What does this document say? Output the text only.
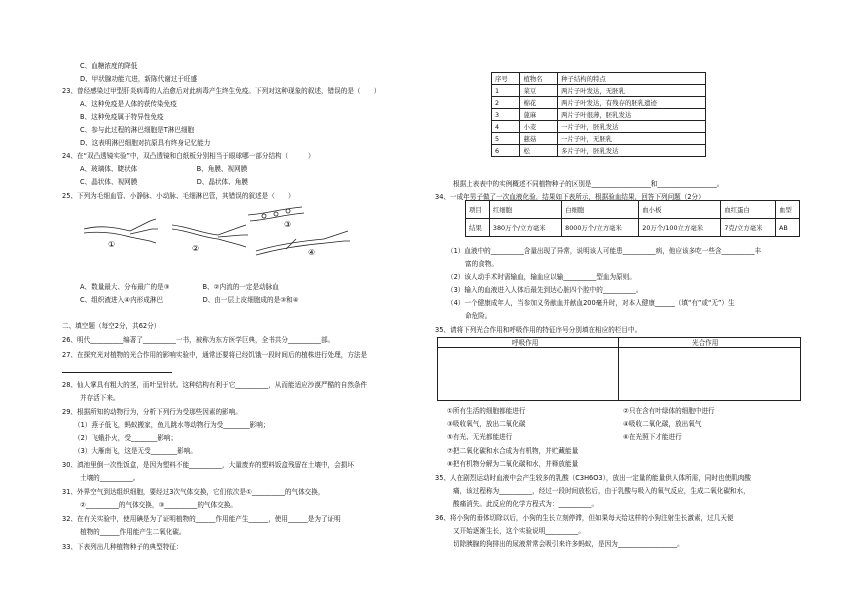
C、血糖浓度的降低
D、甲状腺功能亢进，新陈代谢过于旺盛
23、曾经感染过甲型肝炎病毒的人治愈后对此病毒产生终生免疫。下列对这种现象的叙述，错误的是（　　）
A、这种免疫是人体的获传染免疫
B、这种免疫属于特异性免疫
C、参与此过程的淋巴细胞是T淋巴细胞
D、这表明淋巴细胞对抗原具有终身记忆能力
24、在“双凸透镜实验”中，双凸透镜和白纸板分别相当于眼球哪一部分结构（　　　）
A、玻璃体、睫状体　　　　　　　　　B、角膜、视网膜
C、晶状体、视网膜　　　　　　　　　D、晶状体、角膜
25、下列为毛细血管、小静脉、小动脉、毛细淋巴管，其错误的叙述是（　　）
①	②
③
④
A、数量最大、分布最广的是③　　　　　B、②内流的一定是动脉血
C、组织液进入④内形成淋巴　　　　　　D、由一层上皮细胞成的是③和④
二、填空题（每空2分，共62分）
26、明代__________编著了__________一书，被称为东方医学巨典，全书共分__________部。
27、在探究光对植物的光合作用的影响实验中，通常还要将已经饥饿一段时间后的植株进行处理，方法是
28、仙人掌具有粗大的茎，而叶呈针状。这种结构有利于它__________，从而能适应沙漠严酷的自然条件
并存活下来。
29、根据所知的动物行为，分析下列行为受那些因素的影响。
（1）燕子低飞，蚂蚁搬家，鱼儿跳水等动物行为受________影响；
（2）飞蛾扑火，受________影响；
（3）大雁南飞，这是无受________影响。
30、滇池里倒一次性饭盒，是因为塑料不能__________，大量废弃的塑料饭盒残留在土壤中，会损坏
土壤的__________。
31、外界空气到达组织细胞，要经过3次气体交换，它们依次是①__________的气体交换，
②__________的气体交换，③__________的气体交换。
32、在有关实验中，使用碘是为了证明植物的______作用能产生______，使用______是为了证明
植物的______作用能产生二氧化碳。
33、下表列出几种植物种子的典型特征：
序号	植物名	种子结构的特点
1	菜豆	两片子叶发达，无胚乳
2	棉花	两片子叶发达，有残存的胚乳遗迹
3	蓖麻	两片子叶很薄，胚乳发达
4	小麦	一片子叶，胚乳发达
5	慈菇	一片子叶，无胚乳
6	松	多片子叶，胚乳发达
根据上表表中的实例概述不同植物种子的区别是__________________和__________________。
34、一成年男子做了一次血液化验，结果如下表所示，根据验血结果，回答下列问题（2分）
项目	红细胞	白细胞	血小板	血红蛋白	血型
结果	380万个/立方毫米	8000万个/立方毫米	20万个/100立方毫米	7克/立方毫米	AB
（1）血液中的__________含量出现了异常，说明该人可能患__________病，他应该多吃一些含__________丰
富的食物。
（2）该人动手术时需输血，输血应以输__________型血为原则。
（3）输入的血液进入人体后最先到达心脏四个腔中的__________。
（4）一个健康成年人，当参加义务献血并献血200毫升时，对本人健康______（填“有”或“无”）生
命危险。
35、请将下列光合作用和呼吸作用的特征序号分别填在相应的栏目中。
呼吸作用	光合作用
①所有生活的细胞都能进行	②只在含有叶绿体的细胞中进行
③吸收氧气，放出二氧化碳	④吸收二氧化碳，放出氧气
⑤有光、无光都能进行	⑥在光照下才能进行
⑦把二氧化碳和水合成为有机物，并贮藏能量
⑧把有机物分解为二氧化碳和水，并释放能量
35、人在剧烈运动时血液中会产生较多的乳酸（C3H6O3），放出一定量的能量供人体所需，同时也使肌肉酸
痛，该过程称为__________，经过一段时间放松后，由于乳酸与吸入的氧气反应，生成二氧化碳和水，
酸痛消失。此反应的化学方程式为：__________。
36、将小狗的垂体切除以后，小狗的生长立刻停滞，但如果每天给这样的小狗注射生长激素，过几天便
又开始逐渐生长，这个实验说明__________。
切除胰腺的狗排出的尿液常常会吸引来许多蚂蚁，是因为__________________。
